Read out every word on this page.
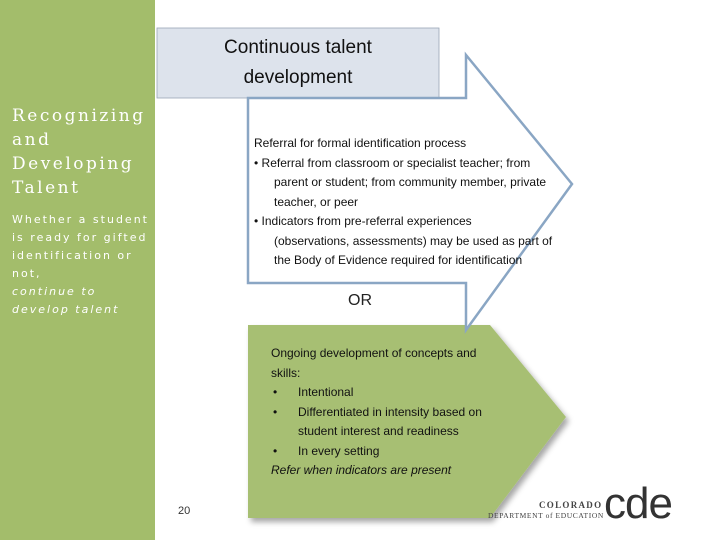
Recognizing and Developing Talent
Whether a student is ready for gifted identification or not,
continue to develop talent
Continuous talent
development
Referral for formal identification process
• Referral from classroom or specialist teacher; from
parent or student; from community member, private teacher, or peer
• Indicators from pre-referral experiences
(observations, assessments) may be used as part of the Body of Evidence required for identification
OR
Ongoing development of concepts and skills:
•	Intentional
•	Differentiated in intensity based on student interest and readiness
•	In every setting
Refer when indicators are present
20	COLORADO
DEPARTMENT of EDUCATION cde
